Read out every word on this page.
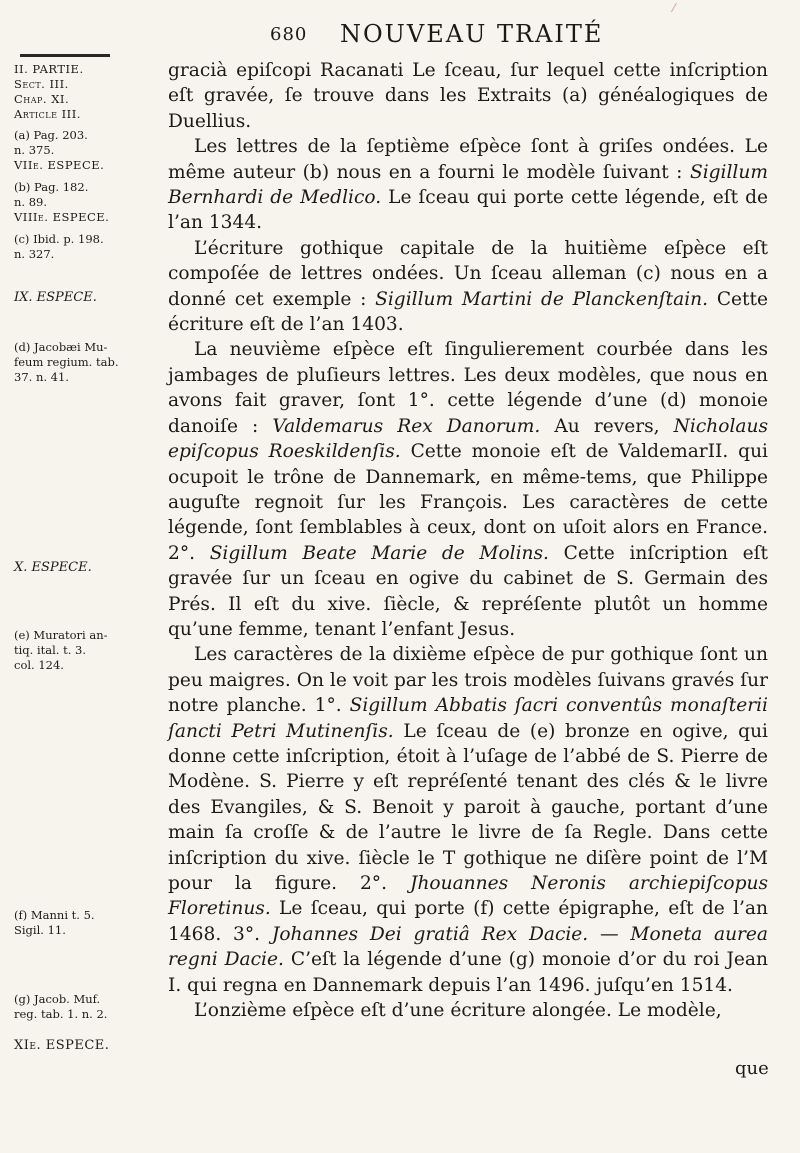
680 NOUVEAU TRAITÉ
II. PARTIE.
Sect. III.
Chap. XI.
Article III.
(a) Pag. 203.
n. 375.
VIIe. ESPECE.
(b) Pag. 182.
n. 89.
VIIIe. ESPECE.
(c) Ibid. p. 198.
n. 327.
IX. ESPECE.
(d) Jacobæi Mu-
feum regium. tab.
37. n. 41.
X. ESPECE.
(e) Muratori an-
tiq. ital. t. 3.
col. 124.
(f) Manni t. 5.
Sigil. 11.
(g) Jacob. Muf.
reg. tab. 1. n. 2.
XIe. ESPECE.

gracià epiſcopi Racanati Le ſceau, ſur lequel cette inſcription eſt gravée, ſe trouve dans les Extraits (a) généalogiques de Duellius.

Les lettres de la ſeptième eſpèce ſont à griſes ondées. Le même auteur (b) nous en a fourni le modèle ſuivant : Sigillum Bernhardi de Medlico. Le ſceau qui porte cette légende, eſt de l’an 1344.

L’écriture gothique capitale de la huitième eſpèce eſt compoſée de lettres ondées. Un ſceau alleman (c) nous en a donné cet exemple : Sigillum Martini de Planckenſtain. Cette écriture eſt de l’an 1403.

La neuvième eſpèce eſt ſingulierement courbée dans les jambages de pluſieurs lettres. Les deux modèles, que nous en avons fait graver, ſont 1°. cette légende d’une (d) monoie danoiſe : Valdemarus Rex Danorum. Au revers, Nicholaus epiſcopus Roeskildenſis. Cette monoie eſt de ValdemarII. qui ocupoit le trône de Dannemark, en même-tems, que Philippe auguſte regnoit ſur les François. Les caractères de cette légende, ſont ſemblables à ceux, dont on uſoit alors en France. 2°. Sigillum Beate Marie de Molins. Cette inſcription eſt gravée ſur un ſceau en ogive du cabinet de S. Germain des Prés. Il eſt du xive. ſiècle, & repréſente plutôt un homme qu’une femme, tenant l’enfant Jesus.

Les caractères de la dixième eſpèce de pur gothique ſont un peu maigres. On le voit par les trois modèles ſuivans gravés ſur notre planche. 1°. Sigillum Abbatis ſacri conventûs monaſterii ſancti Petri Mutinenſis. Le ſceau de (e) bronze en ogive, qui donne cette inſcription, étoit à l’uſage de l’abbé de S. Pierre de Modène. S. Pierre y eſt repréſenté tenant des clés & le livre des Evangiles, & S. Benoit y paroit à gauche, portant d’une main ſa croſſe & de l’autre le livre de ſa Regle. Dans cette inſcription du xive. ſiècle le T gothique ne diſère point de l’M pour la figure. 2°. Jhouannes Neronis archiepiſcopus Floretinus. Le ſceau, qui porte (f) cette épigraphe, eſt de l’an 1468. 3°. Johannes Dei gratiâ Rex Dacie. — Moneta aurea regni Dacie. C’eſt la légende d’une (g) monoie d’or du roi Jean I. qui regna en Dannemark depuis l’an 1496. juſqu’en 1514.

L’onzième eſpèce eſt d’une écriture alongée. Le modèle,

que
